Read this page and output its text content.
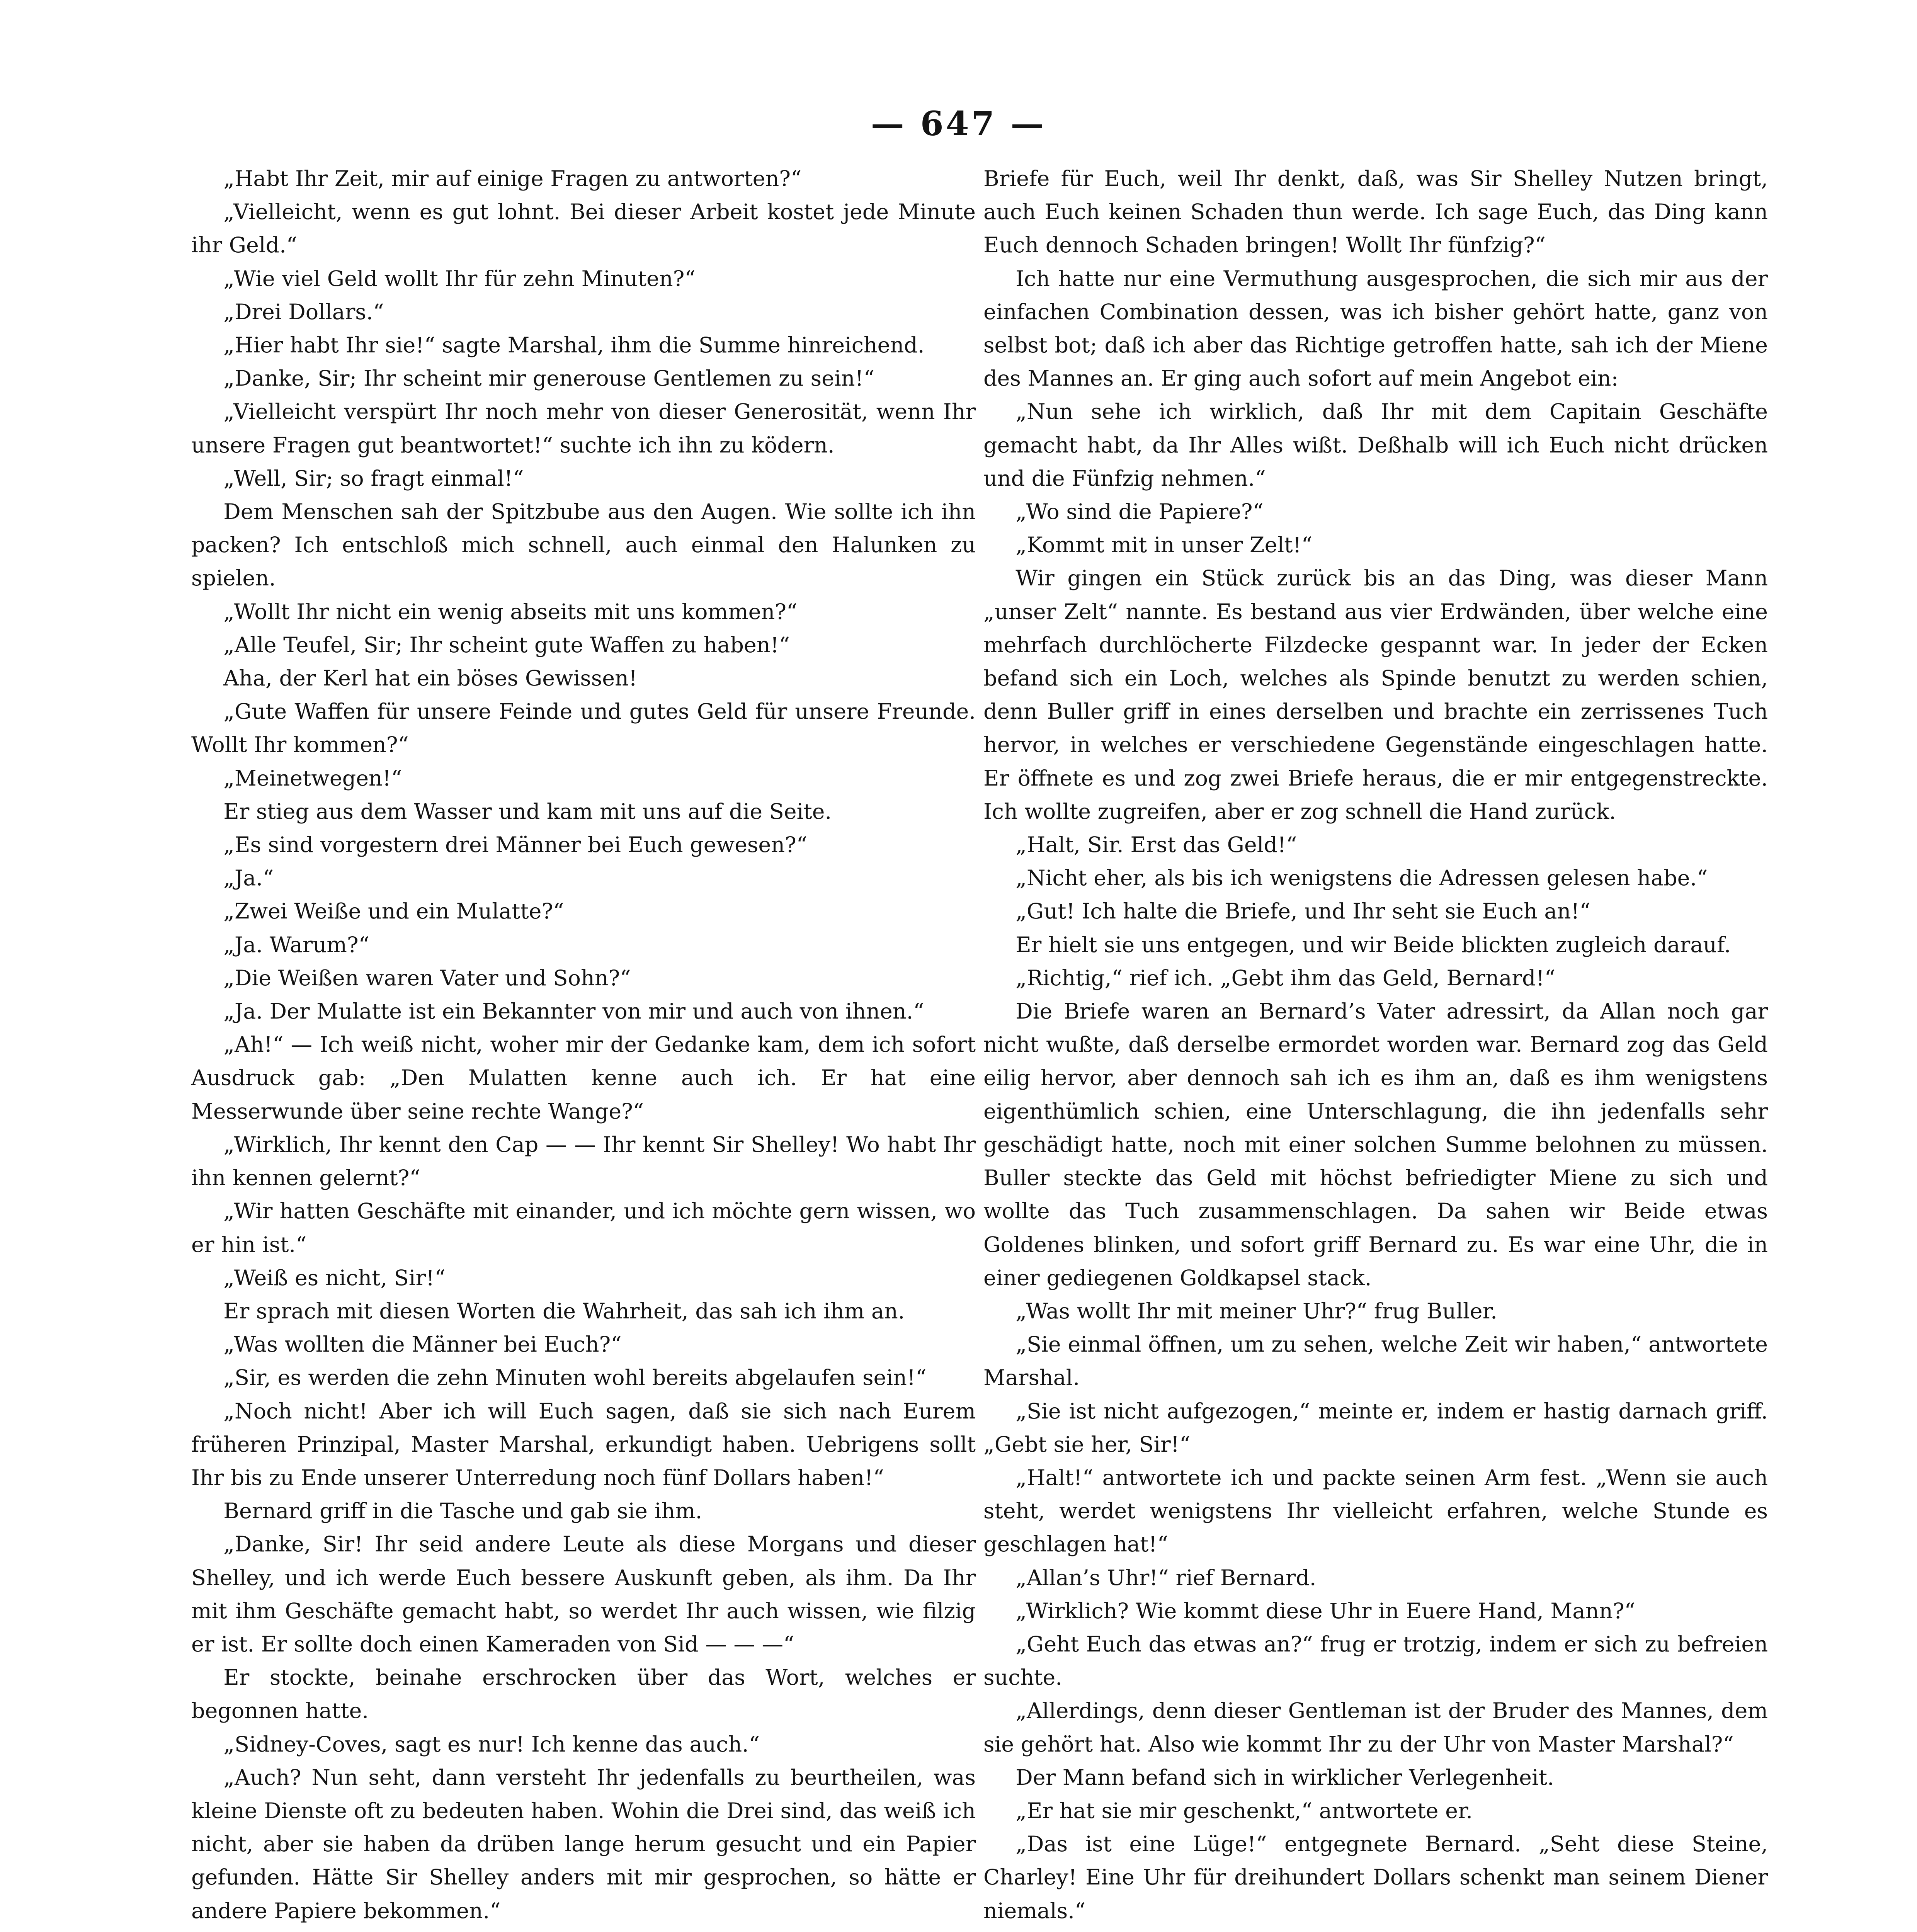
— 647 —

„Habt Ihr Zeit, mir auf einige Fragen zu antworten?“

„Vielleicht, wenn es gut lohnt. Bei dieser Arbeit kostet jede Minute ihr Geld.“

„Wie viel Geld wollt Ihr für zehn Minuten?“

„Drei Dollars.“

„Hier habt Ihr sie!“ sagte Marshal, ihm die Summe hinreichend.

„Danke, Sir; Ihr scheint mir generouse Gentlemen zu sein!“

„Vielleicht verspürt Ihr noch mehr von dieser Generosität, wenn Ihr unsere Fragen gut beantwortet!“ suchte ich ihn zu ködern.

„Well, Sir; so fragt einmal!“

Dem Menschen sah der Spitzbube aus den Augen. Wie sollte ich ihn packen? Ich entschloß mich schnell, auch einmal den Halunken zu spielen.

„Wollt Ihr nicht ein wenig abseits mit uns kommen?“

„Alle Teufel, Sir; Ihr scheint gute Waffen zu haben!“

Aha, der Kerl hat ein böses Gewissen!

„Gute Waffen für unsere Feinde und gutes Geld für unsere Freunde. Wollt Ihr kommen?“

„Meinetwegen!“

Er stieg aus dem Wasser und kam mit uns auf die Seite.

„Es sind vorgestern drei Männer bei Euch gewesen?“

„Ja.“

„Zwei Weiße und ein Mulatte?“

„Ja. Warum?“

„Die Weißen waren Vater und Sohn?“

„Ja. Der Mulatte ist ein Bekannter von mir und auch von ihnen.“

„Ah!“ — Ich weiß nicht, woher mir der Gedanke kam, dem ich sofort Ausdruck gab: „Den Mulatten kenne auch ich. Er hat eine Messerwunde über seine rechte Wange?“

„Wirklich, Ihr kennt den Cap — — Ihr kennt Sir Shelley! Wo habt Ihr ihn kennen gelernt?“

„Wir hatten Geschäfte mit einander, und ich möchte gern wissen, wo er hin ist.“

„Weiß es nicht, Sir!“

Er sprach mit diesen Worten die Wahrheit, das sah ich ihm an.

„Was wollten die Männer bei Euch?“

„Sir, es werden die zehn Minuten wohl bereits abgelaufen sein!“

„Noch nicht! Aber ich will Euch sagen, daß sie sich nach Eurem früheren Prinzipal, Master Marshal, erkundigt haben. Uebrigens sollt Ihr bis zu Ende unserer Unterredung noch fünf Dollars haben!“

Bernard griff in die Tasche und gab sie ihm.

„Danke, Sir! Ihr seid andere Leute als diese Morgans und dieser Shelley, und ich werde Euch bessere Auskunft geben, als ihm. Da Ihr mit ihm Geschäfte gemacht habt, so werdet Ihr auch wissen, wie filzig er ist. Er sollte doch einen Kameraden von Sid — — —“

Er stockte, beinahe erschrocken über das Wort, welches er begonnen hatte.

„Sidney-Coves, sagt es nur! Ich kenne das auch.“

„Auch? Nun seht, dann versteht Ihr jedenfalls zu beurtheilen, was kleine Dienste oft zu bedeuten haben. Wohin die Drei sind, das weiß ich nicht, aber sie haben da drüben lange herum gesucht und ein Papier gefunden. Hätte Sir Shelley anders mit mir gesprochen, so hätte er andere Papiere bekommen.“

Briefe für Euch, weil Ihr denkt, daß, was Sir Shelley Nutzen bringt, auch Euch keinen Schaden thun werde. Ich sage Euch, das Ding kann Euch dennoch Schaden bringen! Wollt Ihr fünfzig?“

Ich hatte nur eine Vermuthung ausgesprochen, die sich mir aus der einfachen Combination dessen, was ich bisher gehört hatte, ganz von selbst bot; daß ich aber das Richtige getroffen hatte, sah ich der Miene des Mannes an. Er ging auch sofort auf mein Angebot ein:

„Nun sehe ich wirklich, daß Ihr mit dem Capitain Geschäfte gemacht habt, da Ihr Alles wißt. Deßhalb will ich Euch nicht drücken und die Fünfzig nehmen.“

„Wo sind die Papiere?“

„Kommt mit in unser Zelt!“

Wir gingen ein Stück zurück bis an das Ding, was dieser Mann „unser Zelt“ nannte. Es bestand aus vier Erdwänden, über welche eine mehrfach durchlöcherte Filzdecke gespannt war. In jeder der Ecken befand sich ein Loch, welches als Spinde benutzt zu werden schien, denn Buller griff in eines derselben und brachte ein zerrissenes Tuch hervor, in welches er verschiedene Gegenstände eingeschlagen hatte. Er öffnete es und zog zwei Briefe heraus, die er mir entgegenstreckte. Ich wollte zugreifen, aber er zog schnell die Hand zurück.

„Halt, Sir. Erst das Geld!“

„Nicht eher, als bis ich wenigstens die Adressen gelesen habe.“

„Gut! Ich halte die Briefe, und Ihr seht sie Euch an!“

Er hielt sie uns entgegen, und wir Beide blickten zugleich darauf.

„Richtig,“ rief ich. „Gebt ihm das Geld, Bernard!“

Die Briefe waren an Bernard’s Vater adressirt, da Allan noch gar nicht wußte, daß derselbe ermordet worden war. Bernard zog das Geld eilig hervor, aber dennoch sah ich es ihm an, daß es ihm wenigstens eigenthümlich schien, eine Unterschlagung, die ihn jedenfalls sehr geschädigt hatte, noch mit einer solchen Summe belohnen zu müssen. Buller steckte das Geld mit höchst befriedigter Miene zu sich und wollte das Tuch zusammenschlagen. Da sahen wir Beide etwas Goldenes blinken, und sofort griff Bernard zu. Es war eine Uhr, die in einer gediegenen Goldkapsel stack.

„Was wollt Ihr mit meiner Uhr?“ frug Buller.

„Sie einmal öffnen, um zu sehen, welche Zeit wir haben,“ antwortete Marshal.

„Sie ist nicht aufgezogen,“ meinte er, indem er hastig darnach griff. „Gebt sie her, Sir!“

„Halt!“ antwortete ich und packte seinen Arm fest. „Wenn sie auch steht, werdet wenigstens Ihr vielleicht erfahren, welche Stunde es geschlagen hat!“

„Allan’s Uhr!“ rief Bernard.

„Wirklich? Wie kommt diese Uhr in Euere Hand, Mann?“

„Geht Euch das etwas an?“ frug er trotzig, indem er sich zu befreien suchte.

„Allerdings, denn dieser Gentleman ist der Bruder des Mannes, dem sie gehört hat. Also wie kommt Ihr zu der Uhr von Master Marshal?“

Der Mann befand sich in wirklicher Verlegenheit.

„Er hat sie mir geschenkt,“ antwortete er.

„Das ist eine Lüge!“ entgegnete Bernard. „Seht diese Steine, Charley! Eine Uhr für dreihundert Dollars schenkt man seinem Diener niemals.“
